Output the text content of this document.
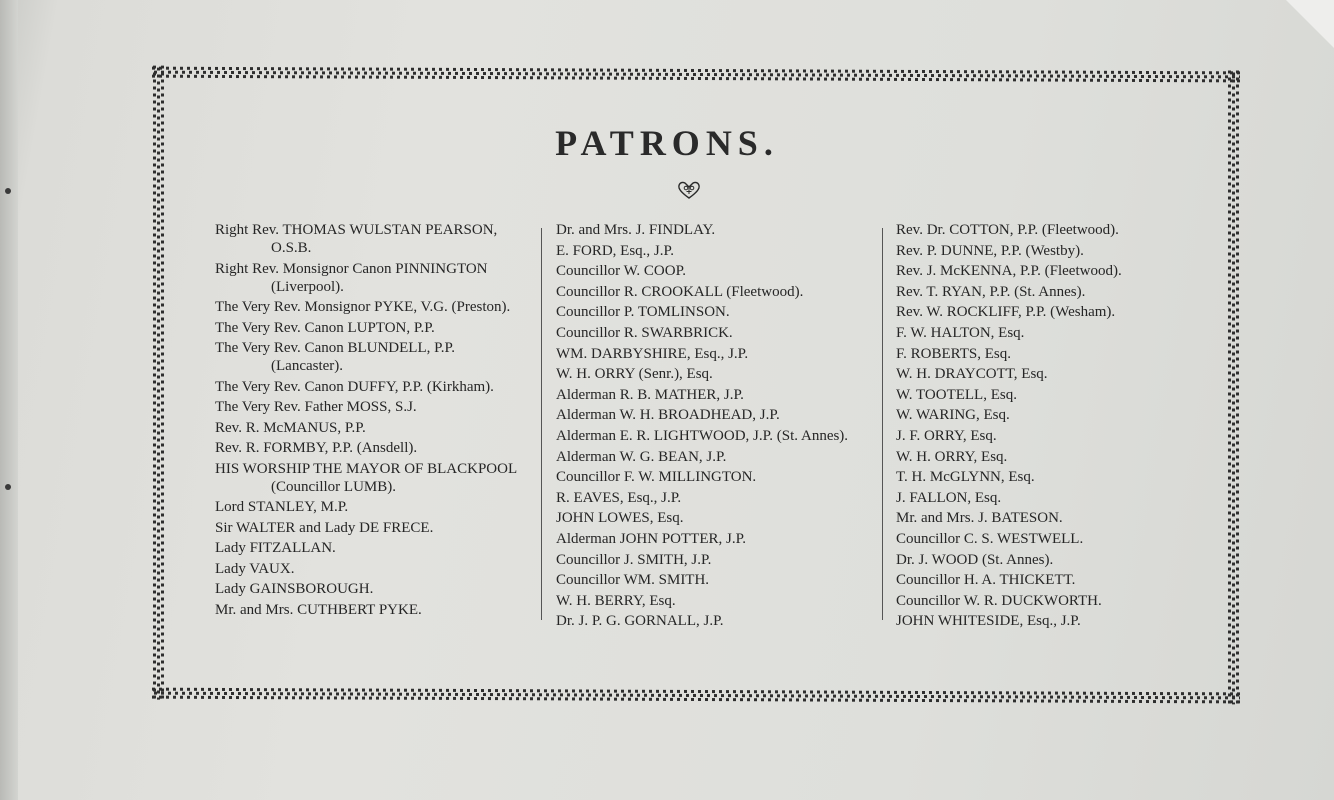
PATRONS.

Right Rev. THOMAS WULSTAN PEARSON,
O.S.B.

Right Rev. Monsignor Canon PINNINGTON
(Liverpool).

The Very Rev. Monsignor PYKE, V.G. (Preston).

The Very Rev. Canon LUPTON, P.P.

The Very Rev. Canon BLUNDELL, P.P.
(Lancaster).

The Very Rev. Canon DUFFY, P.P. (Kirkham).

The Very Rev. Father MOSS, S.J.

Rev. R. McMANUS, P.P.

Rev. R. FORMBY, P.P. (Ansdell).

HIS WORSHIP THE MAYOR OF BLACKPOOL
(Councillor LUMB).

Lord STANLEY, M.P.

Sir WALTER and Lady DE FRECE.

Lady FITZALLAN.

Lady VAUX.

Lady GAINSBOROUGH.

Mr. and Mrs. CUTHBERT PYKE.

Dr. and Mrs. J. FINDLAY.

E. FORD, Esq., J.P.

Councillor W. COOP.

Councillor R. CROOKALL (Fleetwood).

Councillor P. TOMLINSON.

Councillor R. SWARBRICK.

WM. DARBYSHIRE, Esq., J.P.

W. H. ORRY (Senr.), Esq.

Alderman R. B. MATHER, J.P.

Alderman W. H. BROADHEAD, J.P.

Alderman E. R. LIGHTWOOD, J.P. (St. Annes).

Alderman W. G. BEAN, J.P.

Councillor F. W. MILLINGTON.

R. EAVES, Esq., J.P.

JOHN LOWES, Esq.

Alderman JOHN POTTER, J.P.

Councillor J. SMITH, J.P.

Councillor WM. SMITH.

W. H. BERRY, Esq.

Dr. J. P. G. GORNALL, J.P.

Rev. Dr. COTTON, P.P. (Fleetwood).

Rev. P. DUNNE, P.P. (Westby).

Rev. J. McKENNA, P.P. (Fleetwood).

Rev. T. RYAN, P.P. (St. Annes).

Rev. W. ROCKLIFF, P.P. (Wesham).

F. W. HALTON, Esq.

F. ROBERTS, Esq.

W. H. DRAYCOTT, Esq.

W. TOOTELL, Esq.

W. WARING, Esq.

J. F. ORRY, Esq.

W. H. ORRY, Esq.

T. H. McGLYNN, Esq.

J. FALLON, Esq.

Mr. and Mrs. J. BATESON.

Councillor C. S. WESTWELL.

Dr. J. WOOD (St. Annes).

Councillor H. A. THICKETT.

Councillor W. R. DUCKWORTH.

JOHN WHITESIDE, Esq., J.P.
